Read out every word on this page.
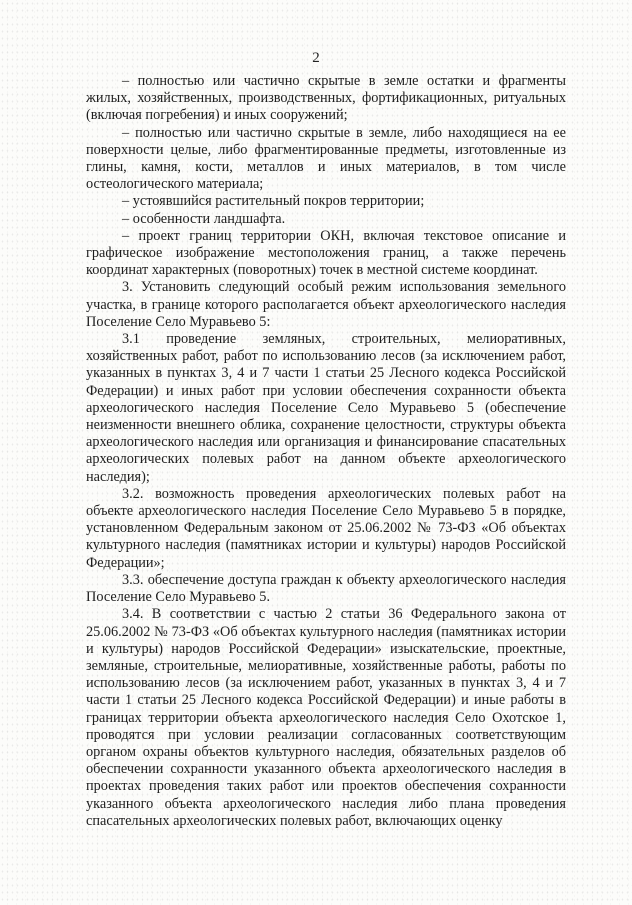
2

– полностью или частично скрытые в земле остатки и фрагменты жилых, хозяйственных, производственных, фортификационных, ритуальных (включая погребения) и иных сооружений;

– полностью или частично скрытые в земле, либо находящиеся на ее поверхности целые, либо фрагментированные предметы, изготовленные из глины, камня, кости, металлов и иных материалов, в том числе остеологического материала;

– устоявшийся растительный покров территории;

– особенности ландшафта.

– проект границ территории ОКН, включая текстовое описание и графическое изображение местоположения границ, а также перечень координат характерных (поворотных) точек в местной системе координат.

3. Установить следующий особый режим использования земельного участка, в границе которого располагается объект археологического наследия Поселение Село Муравьево 5:

3.1 проведение земляных, строительных, мелиоративных, хозяйственных работ, работ по использованию лесов (за исключением работ, указанных в пунктах 3, 4 и 7 части 1 статьи 25 Лесного кодекса Российской Федерации) и иных работ при условии обеспечения сохранности объекта археологического наследия Поселение Село Муравьево 5 (обеспечение неизменности внешнего облика, сохранение целостности, структуры объекта археологического наследия или организация и финансирование спасательных археологических полевых работ на данном объекте археологического наследия);

3.2. возможность проведения археологических полевых работ на объекте археологического наследия Поселение Село Муравьево 5 в порядке, установленном Федеральным законом от 25.06.2002 № 73-ФЗ «Об объектах культурного наследия (памятниках истории и культуры) народов Российской Федерации»;

3.3. обеспечение доступа граждан к объекту археологического наследия Поселение Село Муравьево 5.

3.4. В соответствии с частью 2 статьи 36 Федерального закона от 25.06.2002 № 73-ФЗ «Об объектах культурного наследия (памятниках истории и культуры) народов Российской Федерации» изыскательские, проектные, земляные, строительные, мелиоративные, хозяйственные работы, работы по использованию лесов (за исключением работ, указанных в пунктах 3, 4 и 7 части 1 статьи 25 Лесного кодекса Российской Федерации) и иные работы в границах территории объекта археологического наследия Село Охотское 1, проводятся при условии реализации согласованных соответствующим органом охраны объектов культурного наследия, обязательных разделов об обеспечении сохранности указанного объекта археологического наследия в проектах проведения таких работ или проектов обеспечения сохранности указанного объекта археологического наследия либо плана проведения спасательных археологических полевых работ, включающих оценку
